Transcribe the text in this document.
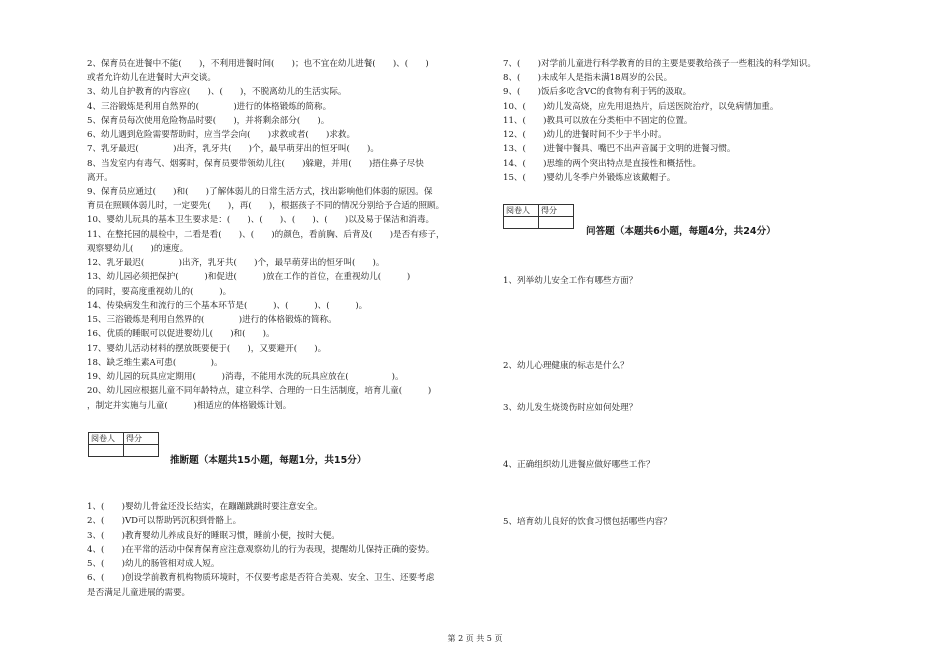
2、保育员在进餐中不能(　　)，不利用进餐时间(　　)；也不宜在幼儿进餐(　　)、(　　)
或者允许幼儿在进餐时大声交谈。
3、幼儿自护教育的内容应(　　)、(　　)，不脱离幼儿的生活实际。
4、三浴锻炼是利用自然界的(　　　　)进行的体格锻炼的简称。
5、保育员每次使用危险物品时要(　　)，并将剩余部分(　　)。
6、幼儿遇到危险需要帮助时，应当学会向(　　)求救或者(　　)求救。
7、乳牙最迟(　　　　)出齐，乳牙共(　　)个，最早萌芽出的恒牙叫(　　)。
8、当发室内有毒气、烟雾时，保育员要带领幼儿往(　　)躲避，并用(　　)捂住鼻子尽快
离开。
9、保育员应通过(　　)和(　　)了解体弱儿的日常生活方式，找出影响他们体弱的原因。保
育员在照顾体弱儿时，一定要先(　　)，再(　　)，根据孩子不同的情况分别给予合适的照顾。
10、婴幼儿玩具的基本卫生要求是：(　　)、(　　)、(　　)、(　　)以及易于保洁和消毒。
11、在整托园的晨检中，二看是看(　　)、(　　)的颜色，看前胸、后背及(　　)是否有疹子，
观察婴幼儿(　　)的速度。
12、乳牙最迟(　　　　)出齐，乳牙共(　　)个，最早萌芽出的恒牙叫(　　)。
13、幼儿园必须把保护(　　　)和促进(　　　)放在工作的首位，在重视幼儿(　　　)
的同时，要高度重视幼儿的(　　　)。
14、传染病发生和流行的三个基本环节是(　　　)、(　　　)、(　　　)。
15、三浴锻炼是利用自然界的(　　　　)进行的体格锻炼的简称。
16、优质的睡眠可以促进婴幼儿(　　)和(　　)。
17、婴幼儿活动材料的摆放既要便于(　　)，又要避开(　　)。
18、缺乏维生素A可患(　　　　)。
19、幼儿园的玩具应定期用(　　　)消毒，不能用水洗的玩具应放在(　　　　　)。
20、幼儿园应根据儿童不同年龄特点，建立科学、合理的一日生活制度，培育儿童(　　　)
，制定并实施与儿童(　　　)相适应的体格锻炼计划。
阅卷人	得分

推断题（本题共15小题，每题1分，共15分）
1、(　　)婴幼儿骨盆还没长结实，在蹦蹦跳跳时要注意安全。
2、(　　)VD可以帮助钙沉积到骨骼上。
3、(　　)教育婴幼儿养成良好的睡眠习惯，睡前小便，按时大便。
4、(　　)在平常的活动中保育保育应注意观察幼儿的行为表现，提醒幼儿保持正确的姿势。
5、(　　)幼儿的肠管相对成人短。
6、(　　)创设学前教育机构物质环境时，不仅要考虑是否符合美观、安全、卫生、还要考虑
是否满足儿童进展的需要。
7、(　　)对学前儿童进行科学教育的目的主要是要教给孩子一些粗浅的科学知识。
8、(　　)未成年人是指未满18周岁的公民。
9、(　　)饭后多吃含VC的食物有利于钙的汲取。
10、(　　)幼儿发高烧，应先用退热片，后送医院治疗，以免病情加重。
11、(　　)教具可以放在分类柜中不固定的位置。
12、(　　)幼儿的进餐时间不少于半小时。
13、(　　)进餐中餐具、嘴巴不出声音属于文明的进餐习惯。
14、(　　)思维的两个突出特点是直接性和概括性。
15、(　　)婴幼儿冬季户外锻炼应该戴帽子。
阅卷人	得分

问答题（本题共6小题，每题4分，共24分）
1、列举幼儿安全工作有哪些方面？
2、幼儿心理健康的标志是什么？
3、幼儿发生烧烫伤时应如何处理？
4、正确组织幼儿进餐应做好哪些工作？
5、培育幼儿良好的饮食习惯包括哪些内容？
第 2 页 共 5 页
